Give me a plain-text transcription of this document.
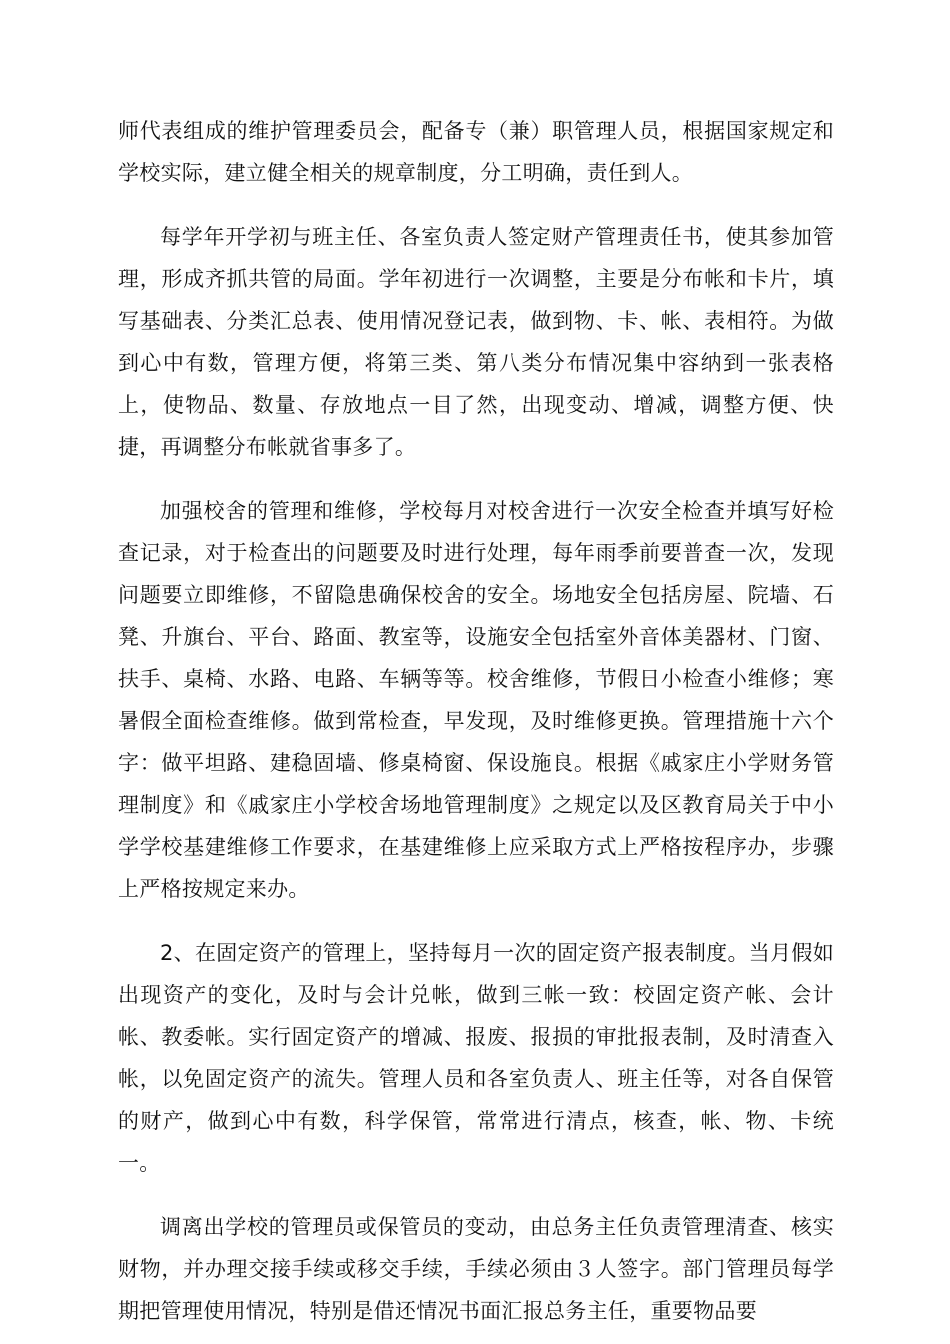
师代表组成的维护管理委员会，配备专（兼）职管理人员，根据国家规定和学校实际，建立健全相关的规章制度，分工明确，责任到人。

每学年开学初与班主任、各室负责人签定财产管理责任书，使其参加管理，形成齐抓共管的局面。学年初进行一次调整，主要是分布帐和卡片，填写基础表、分类汇总表、使用情况登记表，做到物、卡、帐、表相符。为做到心中有数，管理方便，将第三类、第八类分布情况集中容纳到一张表格上，使物品、数量、存放地点一目了然，出现变动、增减，调整方便、快捷，再调整分布帐就省事多了。

加强校舍的管理和维修，学校每月对校舍进行一次安全检查并填写好检查记录，对于检查出的问题要及时进行处理，每年雨季前要普查一次，发现问题要立即维修，不留隐患确保校舍的安全。场地安全包括房屋、院墙、石凳、升旗台、平台、路面、教室等，设施安全包括室外音体美器材、门窗、扶手、桌椅、水路、电路、车辆等等。校舍维修，节假日小检查小维修；寒暑假全面检查维修。做到常检查，早发现，及时维修更换。管理措施十六个字：做平坦路、建稳固墙、修桌椅窗、保设施良。根据《戚家庄小学财务管理制度》和《戚家庄小学校舍场地管理制度》之规定以及区教育局关于中小学学校基建维修工作要求，在基建维修上应采取方式上严格按程序办，步骤上严格按规定来办。

2、在固定资产的管理上，坚持每月一次的固定资产报表制度。当月假如出现资产的变化，及时与会计兑帐，做到三帐一致：校固定资产帐、会计帐、教委帐。实行固定资产的增减、报废、报损的审批报表制，及时清查入帐，以免固定资产的流失。管理人员和各室负责人、班主任等，对各自保管的财产，做到心中有数，科学保管，常常进行清点，核查，帐、物、卡统一。

调离出学校的管理员或保管员的变动，由总务主任负责管理清查、核实财物，并办理交接手续或移交手续，手续必须由３人签字。部门管理员每学期把管理使用情况，特别是借还情况书面汇报总务主任，重要物品要
